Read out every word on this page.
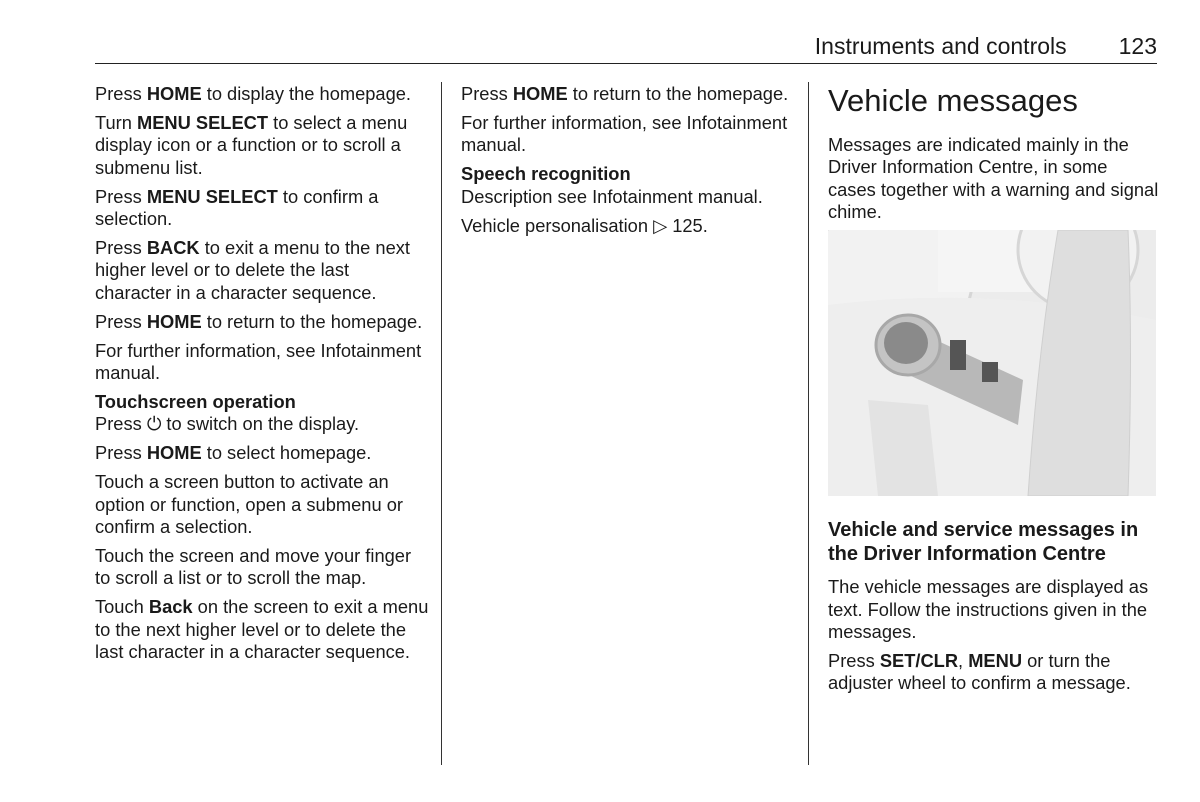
Instruments and controls 123

Press HOME to display the homepage.

Turn MENU SELECT to select a menu display icon or a function or to scroll a submenu list.

Press MENU SELECT to confirm a selection.

Press BACK to exit a menu to the next higher level or to delete the last character in a character sequence.

Press HOME to return to the homepage.

For further information, see Infotainment manual.

Touchscreen operation

Press ⏻ to switch on the display.

Press HOME to select homepage.

Touch a screen button to activate an option or function, open a submenu or confirm a selection.

Touch the screen and move your finger to scroll a list or to scroll the map.

Touch Back on the screen to exit a menu to the next higher level or to delete the last character in a character sequence.

Press HOME to return to the homepage.

For further information, see Infotainment manual.

Speech recognition

Description see Infotainment manual.

Vehicle personalisation ▷ 125.

Vehicle messages

Messages are indicated mainly in the Driver Information Centre, in some cases together with a warning and signal chime.

Vehicle and service messages in the Driver Information Centre

The vehicle messages are displayed as text. Follow the instructions given in the messages.

Press SET/CLR, MENU or turn the adjuster wheel to confirm a message.
